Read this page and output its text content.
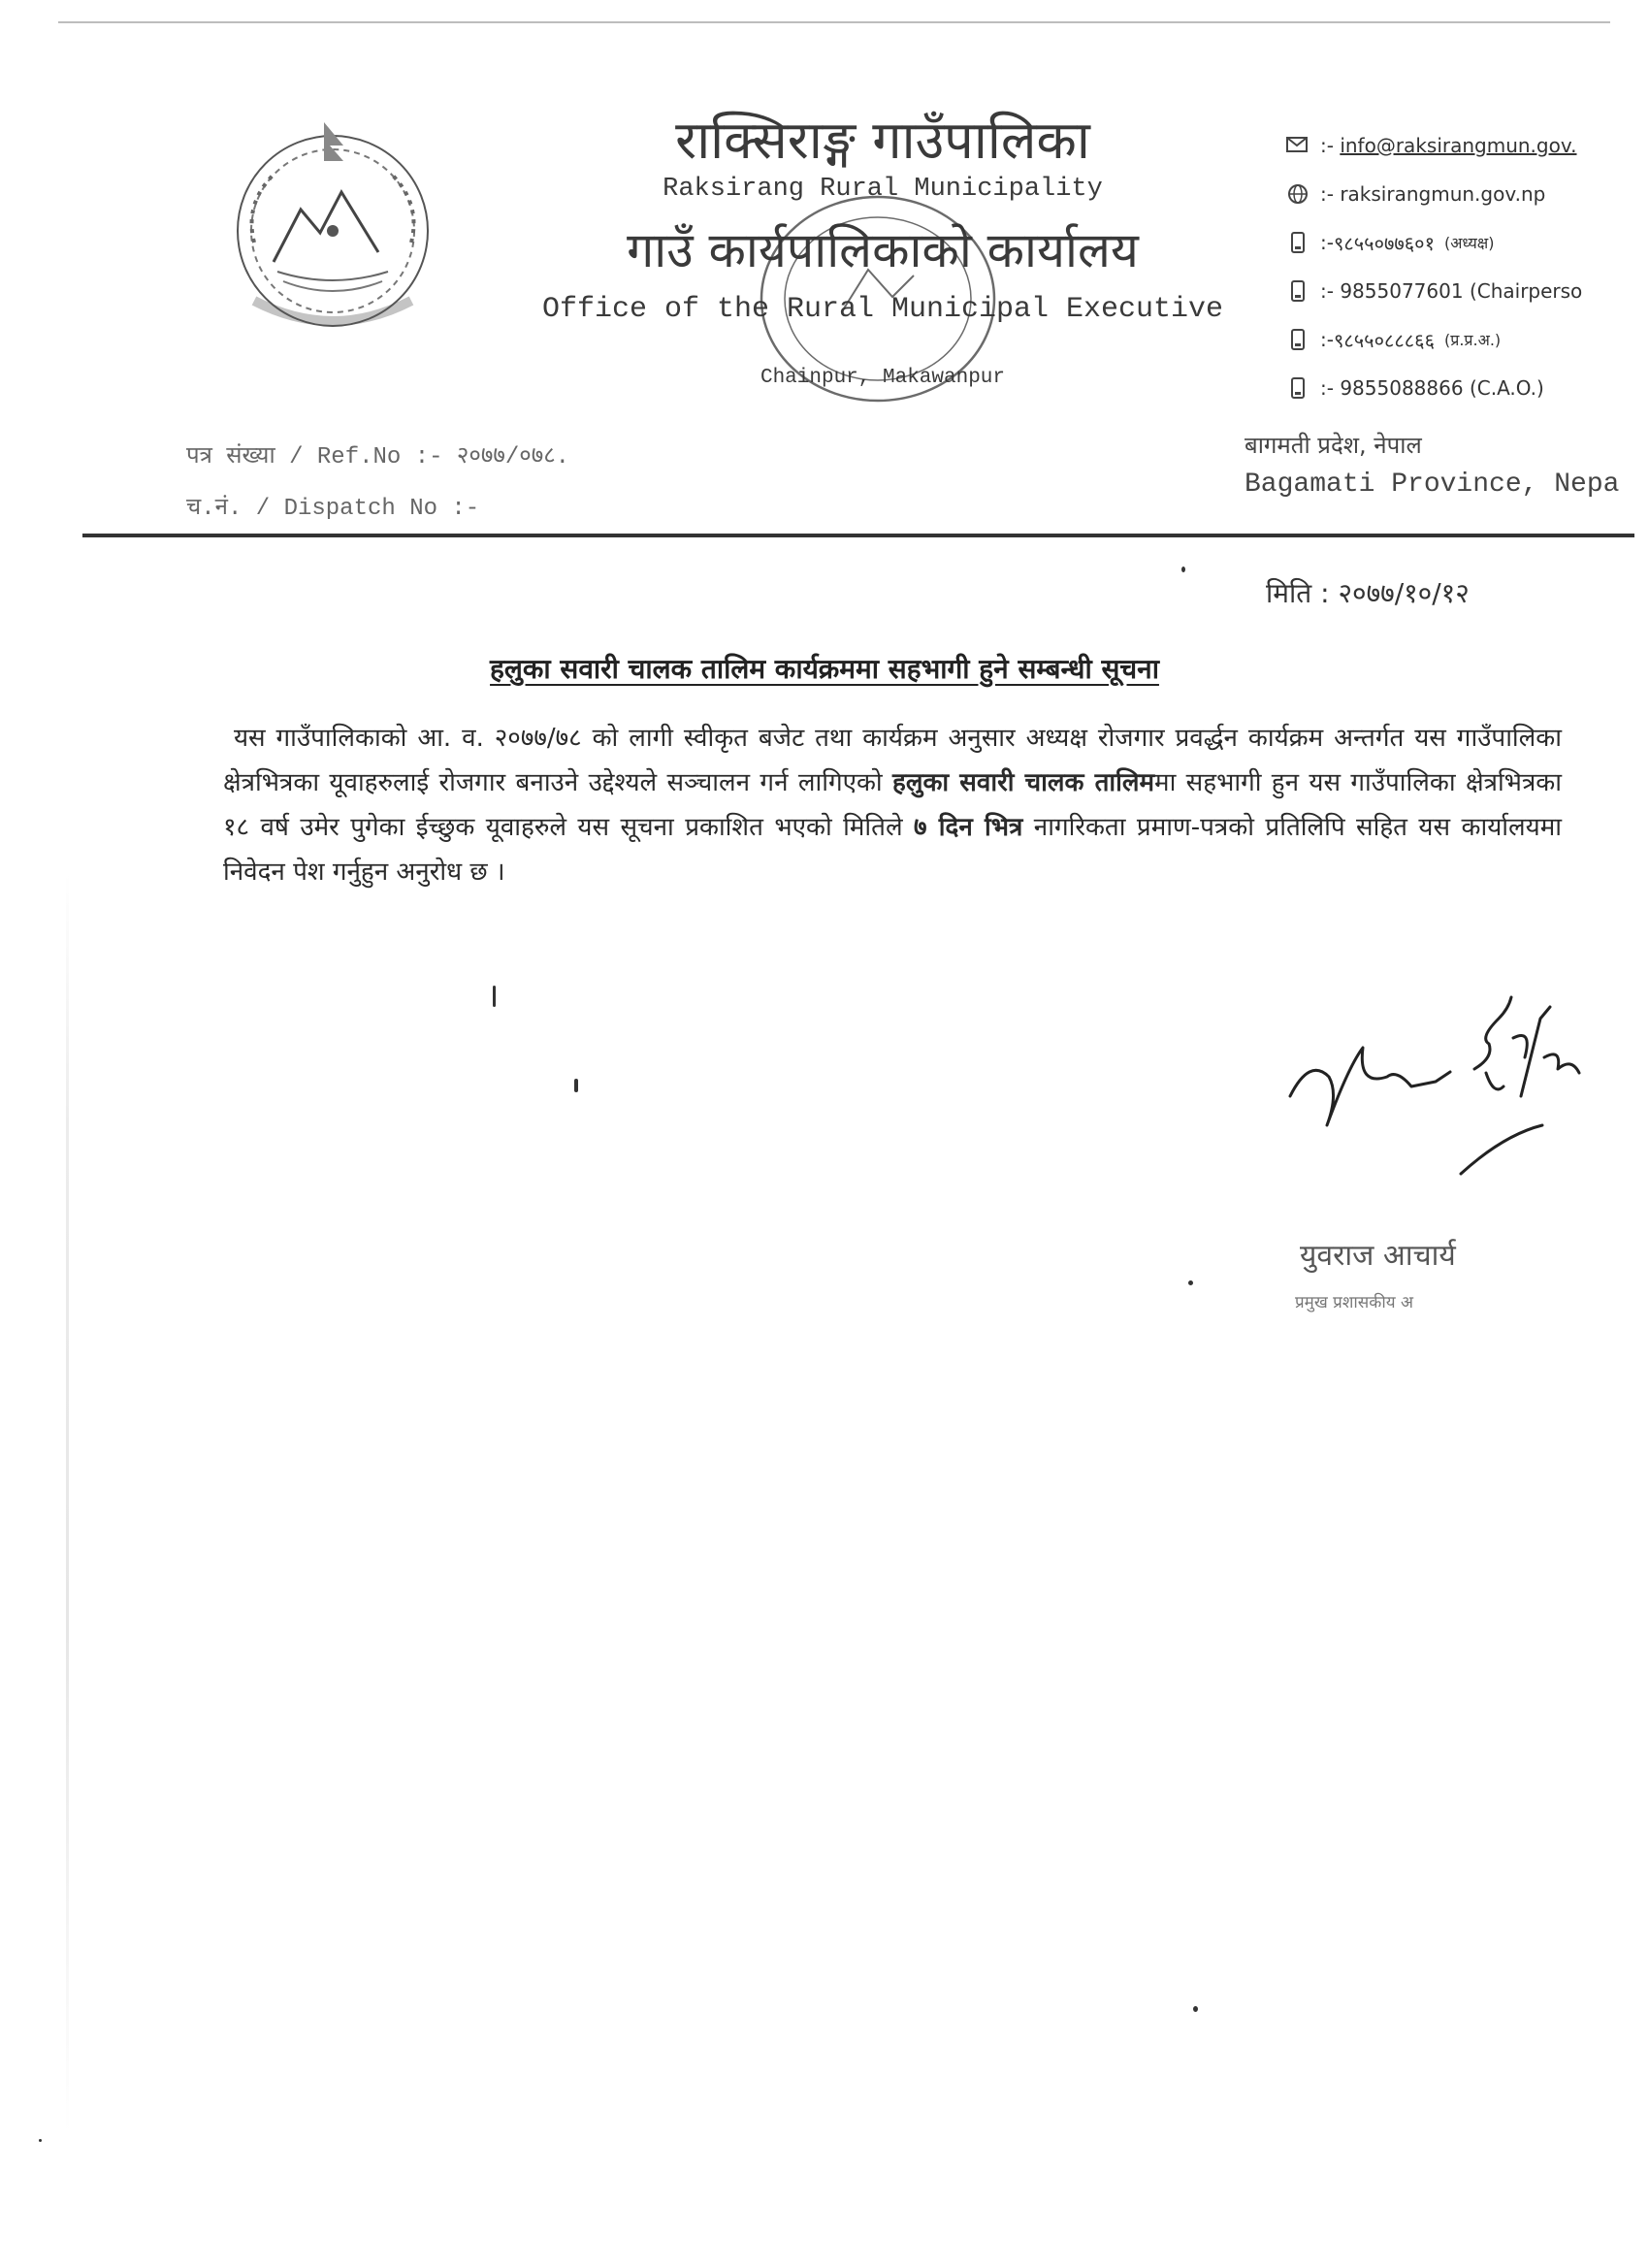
राक्सिराङ्ग गाउँपालिका
Raksirang Rural Municipality
गाउँ कार्यपालिकाको कार्यालय
Office of the Rural Municipal Executive
Chainpur, Makawanpur
:-
info@raksirangmun.gov.
:-
raksirangmun.gov.np
:- ९८५५०७७६०१ (अध्यक्ष)
:-
9855077601
(Chairperso
:- ९८५५०८८८६६ (प्र.प्र.अ.)
:-
9855088866
(C.A.O.)
पत्र संख्या / Ref.No :- २०७७/०७८.
च.नं. / Dispatch No :-
बागमती प्रदेश, नेपाल
Bagamati Province, Nepa
मिति : २०७७/१०/१२
हलुका सवारी चालक तालिम कार्यक्रममा सहभागी हुने सम्बन्धी सूचना
यस गाउँपालिकाको आ. व. २०७७/७८ को लागी स्वीकृत बजेट तथा कार्यक्रम अनुसार अध्यक्ष रोजगार प्रवर्द्धन कार्यक्रम अन्तर्गत यस गाउँपालिका क्षेत्रभित्रका यूवाहरुलाई रोजगार बनाउने उद्देश्यले सञ्चालन गर्न लागिएको हलुका सवारी चालक तालिममा सहभागी हुन यस गाउँपालिका क्षेत्रभित्रका १८ वर्ष उमेर पुगेका ईच्छुक यूवाहरुले यस सूचना प्रकाशित भएको मितिले ७ दिन भित्र नागरिकता प्रमाण-पत्रको प्रतिलिपि सहित यस कार्यालयमा निवेदन पेश गर्नुहुन अनुरोध छ ।
युवराज आचार्य
प्रमुख प्रशासकीय अ
